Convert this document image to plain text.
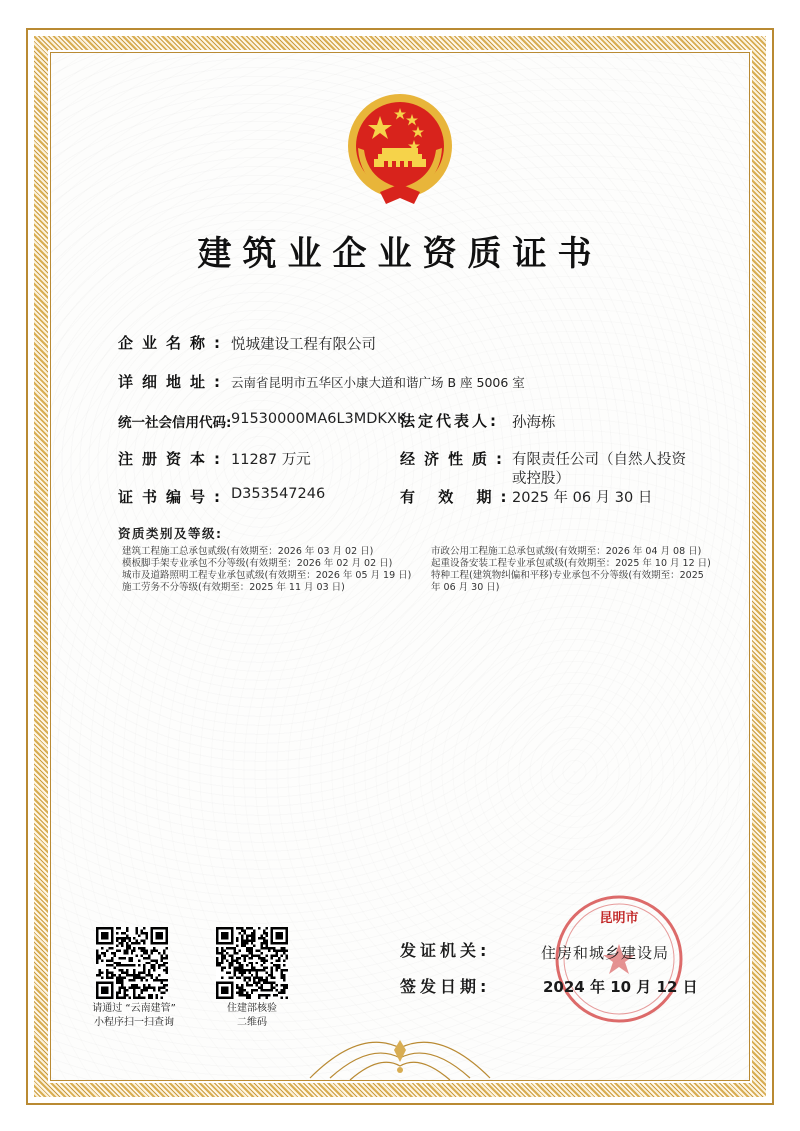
建筑业企业资质证书
企业名称: 悦城建设工程有限公司
详细地址: 云南省昆明市五华区小康大道和谐广场 B 座 5006 室
统一社会信用代码: 91530000MA6L3MDKXK
法定代表人: 孙海栋
注册资本: 11287 万元	经济性质: 有限责任公司（自然人投资
或控股）
证书编号: D353547246	有 效 期:
2025 年 06 月 30 日
资质类别及等级:
建筑工程施工总承包贰级(有效期至：2026 年 03 月 02 日)
模板脚手架专业承包不分等级(有效期至：2026 年 02 月 02 日)
城市及道路照明工程专业承包贰级(有效期至：2026 年 05 月 19 日)
施工劳务不分等级(有效期至：2025 年 11 月 03 日)
市政公用工程施工总承包贰级(有效期至：2026 年 04 月 08 日)
起重设备安装工程专业承包贰级(有效期至：2025 年 10 月 12 日)
特种工程(建筑物纠偏和平移)专业承包不分等级(有效期至：2025
年 06 月 30 日)
请通过 “云南建管”
小程序扫一扫查询
住建部核验
二维码
发证机关:
签发日期:
昆明市
住房和城乡建设局
2024 年 10 月 12 日
